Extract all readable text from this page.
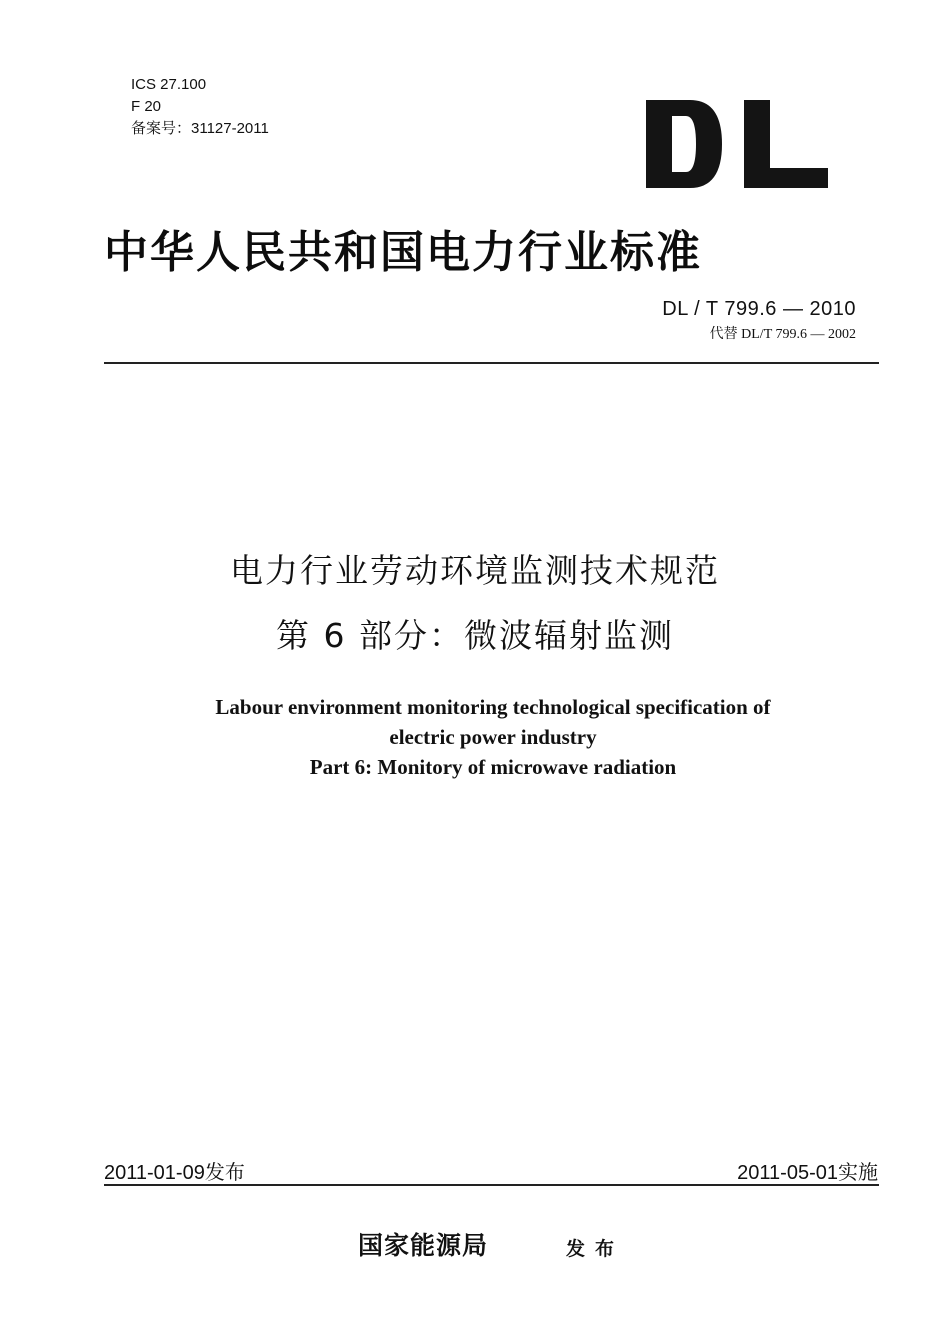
ICS 27.100
F 20
备案号：31127-2011
中华人民共和国电力行业标准
DL / T 799.6 — 2010
代替 DL/T 799.6 — 2002
电力行业劳动环境监测技术规范
第 6 部分：微波辐射监测
Labour environment monitoring technological specification of
electric power industry
Part 6: Monitory of microwave radiation
2011-01-09发布	2011-05-01实施
国家能源局	发布
